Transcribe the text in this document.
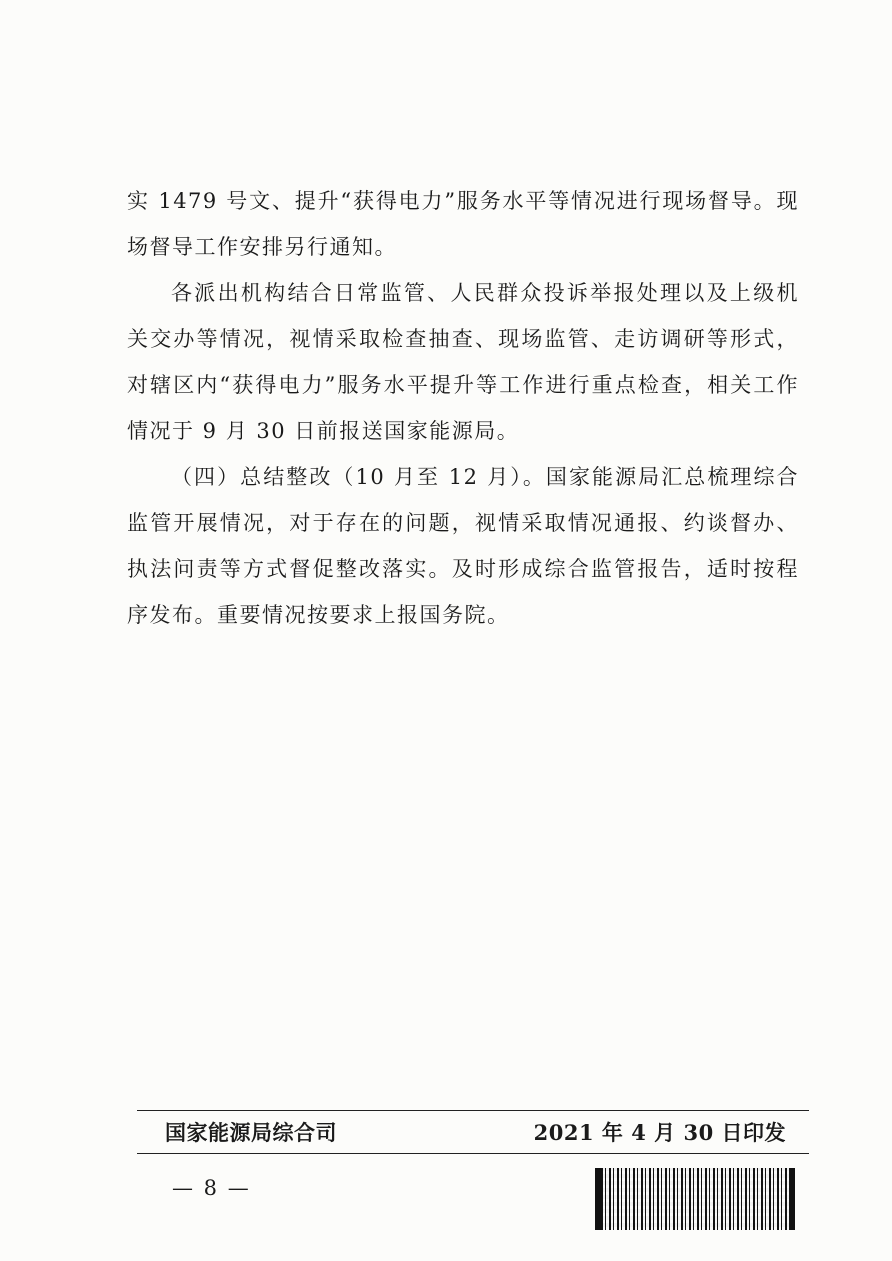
实 1479 号文、提升“获得电力”服务水平等情况进行现场督导。现场督导工作安排另行通知。

各派出机构结合日常监管、人民群众投诉举报处理以及上级机关交办等情况，视情采取检查抽查、现场监管、走访调研等形式，对辖区内“获得电力”服务水平提升等工作进行重点检查，相关工作情况于 9 月 30 日前报送国家能源局。

（四）总结整改（10 月至 12 月）。国家能源局汇总梳理综合监管开展情况，对于存在的问题，视情采取情况通报、约谈督办、执法问责等方式督促整改落实。及时形成综合监管报告，适时按程序发布。重要情况按要求上报国务院。

国家能源局综合司	2021 年 4 月 30 日印发
— 8 —
